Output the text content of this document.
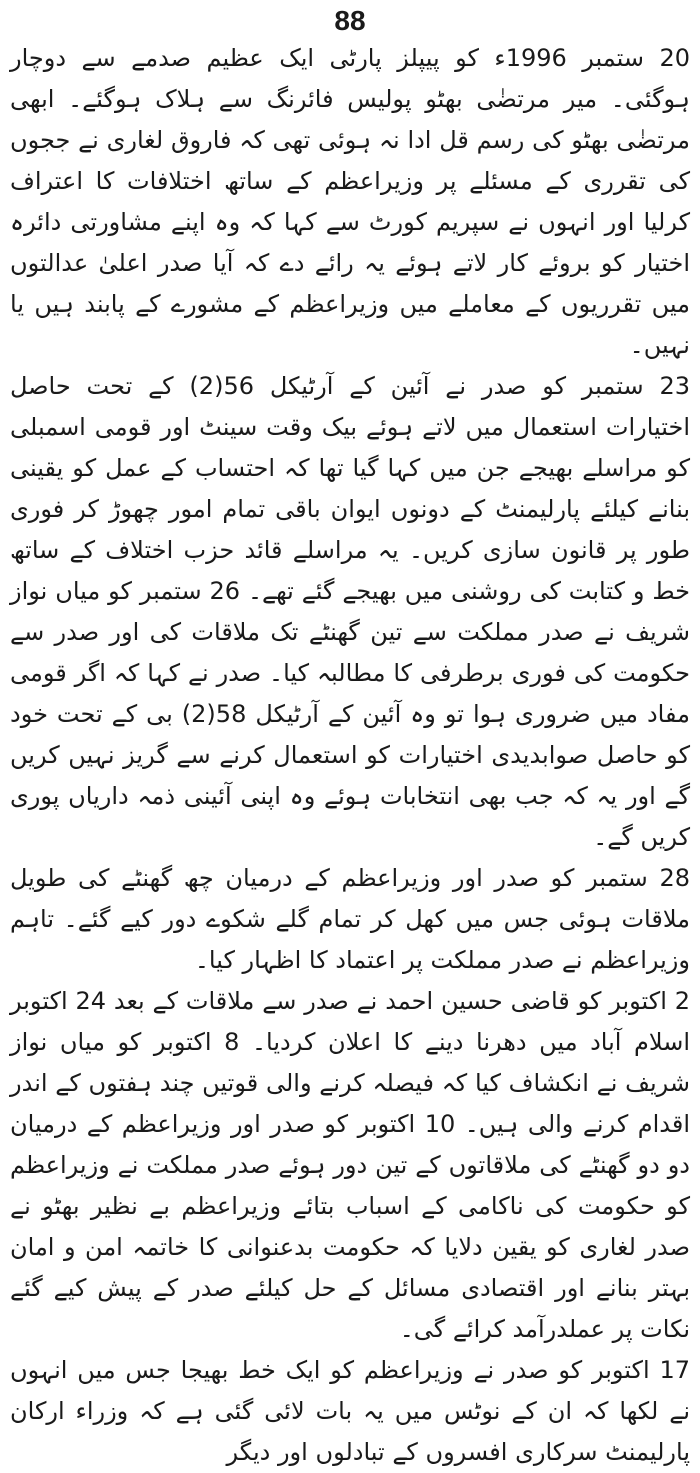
88

20 ستمبر 1996ء کو پیپلز پارٹی ایک عظیم صدمے سے دوچار ہوگئی۔ میر مرتضٰی بھٹو پولیس فائرنگ سے ہلاک ہوگئے۔ ابھی مرتضٰی بھٹو کی رسم قل ادا نہ ہوئی تھی کہ فاروق لغاری نے ججوں کی تقرری کے مسئلے پر وزیراعظم کے ساتھ اختلافات کا اعتراف کرلیا اور انہوں نے سپریم کورٹ سے کہا کہ وہ اپنے مشاورتی دائرہ اختیار کو بروئے کار لاتے ہوئے یہ رائے دے کہ آیا صدر اعلیٰ عدالتوں میں تقرریوں کے معاملے میں وزیراعظم کے مشورے کے پابند ہیں یا نہیں۔

23 ستمبر کو صدر نے آئین کے آرٹیکل 56(2) کے تحت حاصل اختیارات استعمال میں لاتے ہوئے بیک وقت سینٹ اور قومی اسمبلی کو مراسلے بھیجے جن میں کہا گیا تھا کہ احتساب کے عمل کو یقینی بنانے کیلئے پارلیمنٹ کے دونوں ایوان باقی تمام امور چھوڑ کر فوری طور پر قانون سازی کریں۔ یہ مراسلے قائد حزب اختلاف کے ساتھ خط و کتابت کی روشنی میں بھیجے گئے تھے۔ 26 ستمبر کو میاں نواز شریف نے صدر مملکت سے تین گھنٹے تک ملاقات کی اور صدر سے حکومت کی فوری برطرفی کا مطالبہ کیا۔ صدر نے کہا کہ اگر قومی مفاد میں ضروری ہوا تو وہ آئین کے آرٹیکل 58(2) بی کے تحت خود کو حاصل صوابدیدی اختیارات کو استعمال کرنے سے گریز نہیں کریں گے اور یہ کہ جب بھی انتخابات ہوئے وہ اپنی آئینی ذمہ داریاں پوری کریں گے۔

28 ستمبر کو صدر اور وزیراعظم کے درمیان چھ گھنٹے کی طویل ملاقات ہوئی جس میں کھل کر تمام گلے شکوے دور کیے گئے۔ تاہم وزیراعظم نے صدر مملکت پر اعتماد کا اظہار کیا۔

2 اکتوبر کو قاضی حسین احمد نے صدر سے ملاقات کے بعد 24 اکتوبر اسلام آباد میں دھرنا دینے کا اعلان کردیا۔ 8 اکتوبر کو میاں نواز شریف نے انکشاف کیا کہ فیصلہ کرنے والی قوتیں چند ہفتوں کے اندر اقدام کرنے والی ہیں۔ 10 اکتوبر کو صدر اور وزیراعظم کے درمیان دو دو گھنٹے کی ملاقاتوں کے تین دور ہوئے صدر مملکت نے وزیراعظم کو حکومت کی ناکامی کے اسباب بتائے وزیراعظم بے نظیر بھٹو نے صدر لغاری کو یقین دلایا کہ حکومت بدعنوانی کا خاتمہ امن و امان بہتر بنانے اور اقتصادی مسائل کے حل کیلئے صدر کے پیش کیے گئے نکات پر عملدرآمد کرائے گی۔

17 اکتوبر کو صدر نے وزیراعظم کو ایک خط بھیجا جس میں انہوں نے لکھا کہ ان کے نوٹس میں یہ بات لائی گئی ہے کہ وزراء ارکان پارلیمنٹ سرکاری افسروں کے تبادلوں اور دیگر
